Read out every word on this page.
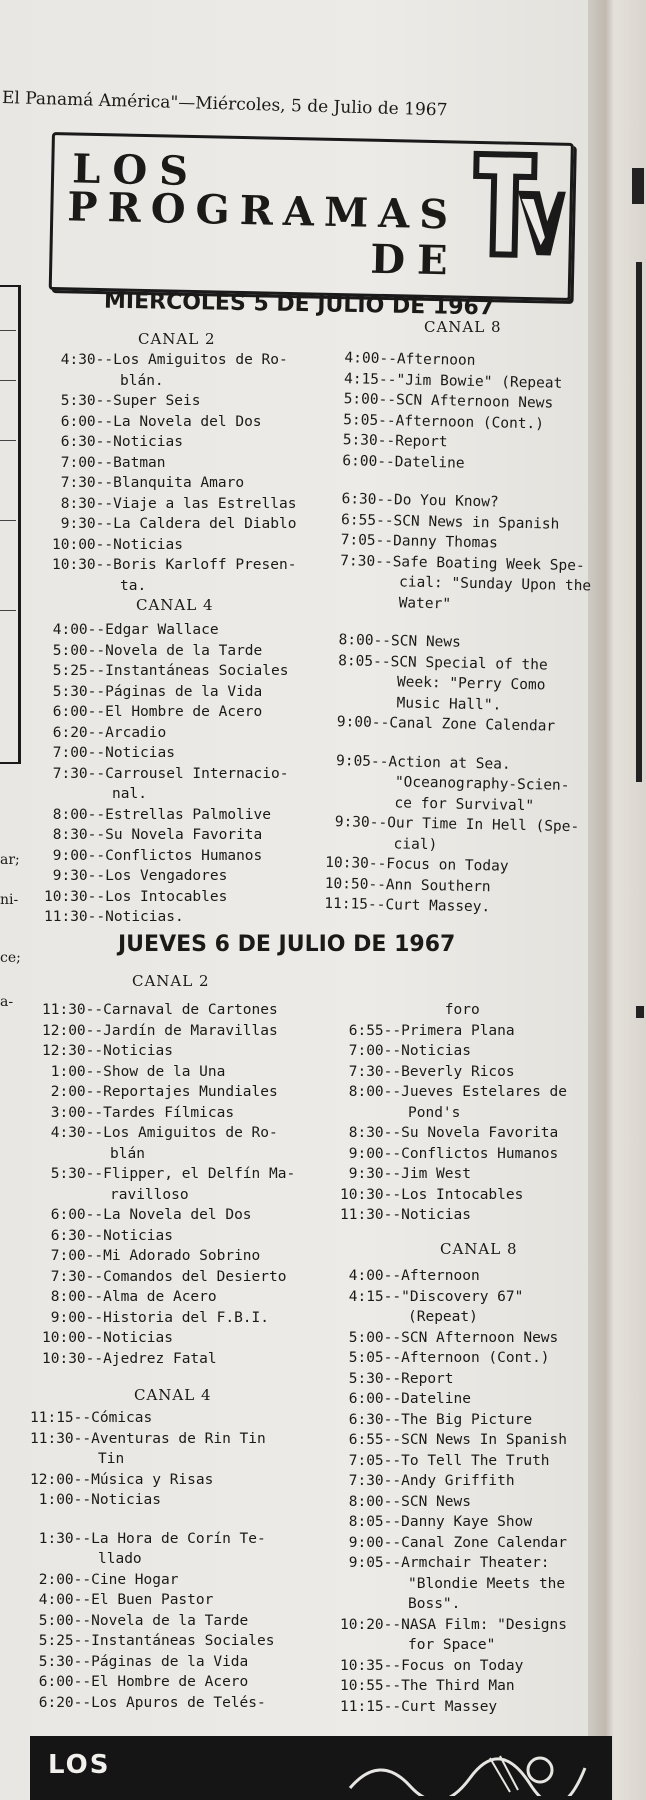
ar;
ni-
ce;
a-
El Panamá América"—Miércoles, 5 de Julio de 1967
LOS
PROGRAMAS
DE
MIERCOLES 5 DE JULIO DE 1967
CANAL 2
4:30--Los Amiguitos de Ro-
blán.
5:30--Super Seis
6:00--La Novela del Dos
6:30--Noticias
7:00--Batman
7:30--Blanquita Amaro
8:30--Viaje a las Estrellas
9:30--La Caldera del Diablo
10:00--Noticias
10:30--Boris Karloff Presen-
ta.
CANAL 4
4:00--Edgar Wallace
5:00--Novela de la Tarde
5:25--Instantáneas Sociales
5:30--Páginas de la Vida
6:00--El Hombre de Acero
6:20--Arcadio
7:00--Noticias
7:30--Carrousel Internacio-
nal.
8:00--Estrellas Palmolive
8:30--Su Novela Favorita
9:00--Conflictos Humanos
9:30--Los Vengadores
10:30--Los Intocables
11:30--Noticias.
CANAL 8
4:00--Afternoon
4:15--"Jim Bowie" (Repeat
5:00--SCN Afternoon News
5:05--Afternoon (Cont.)
5:30--Report
6:00--Dateline
6:30--Do You Know?
6:55--SCN News in Spanish
7:05--Danny Thomas
7:30--Safe Boating Week Spe-
cial: "Sunday Upon the
Water"
8:00--SCN News
8:05--SCN Special of the
Week: "Perry Como
Music Hall".
9:00--Canal Zone Calendar
9:05--Action at Sea.
"Oceanography-Scien-
ce for Survival"
9:30--Our Time In Hell (Spe-
cial)
10:30--Focus on Today
10:50--Ann Southern
11:15--Curt Massey.
JUEVES 6 DE JULIO DE 1967
CANAL 2
11:30--Carnaval de Cartones
12:00--Jardín de Maravillas
12:30--Noticias
1:00--Show de la Una
2:00--Reportajes Mundiales
3:00--Tardes Fílmicas
4:30--Los Amiguitos de Ro-
blán
5:30--Flipper, el Delfín Ma-
ravilloso
6:00--La Novela del Dos
6:30--Noticias
7:00--Mi Adorado Sobrino
7:30--Comandos del Desierto
8:00--Alma de Acero
9:00--Historia del F.B.I.
10:00--Noticias
10:30--Ajedrez Fatal
CANAL 4
11:15--Cómicas
11:30--Aventuras de Rin Tin
Tin
12:00--Música y Risas
1:00--Noticias
1:30--La Hora de Corín Te-
llado
2:00--Cine Hogar
4:00--El Buen Pastor
5:00--Novela de la Tarde
5:25--Instantáneas Sociales
5:30--Páginas de la Vida
6:00--El Hombre de Acero
6:20--Los Apuros de Telés-
foro
6:55--Primera Plana
7:00--Noticias
7:30--Beverly Ricos
8:00--Jueves Estelares de
Pond's
8:30--Su Novela Favorita
9:00--Conflictos Humanos
9:30--Jim West
10:30--Los Intocables
11:30--Noticias
CANAL 8
4:00--Afternoon
4:15--"Discovery 67"
(Repeat)
5:00--SCN Afternoon News
5:05--Afternoon (Cont.)
5:30--Report
6:00--Dateline
6:30--The Big Picture
6:55--SCN News In Spanish
7:05--To Tell The Truth
7:30--Andy Griffith
8:00--SCN News
8:05--Danny Kaye Show
9:00--Canal Zone Calendar
9:05--Armchair Theater:
"Blondie Meets the
Boss".
10:20--NASA Film: "Designs
for Space"
10:35--Focus on Today
10:55--The Third Man
11:15--Curt Massey
LOS
